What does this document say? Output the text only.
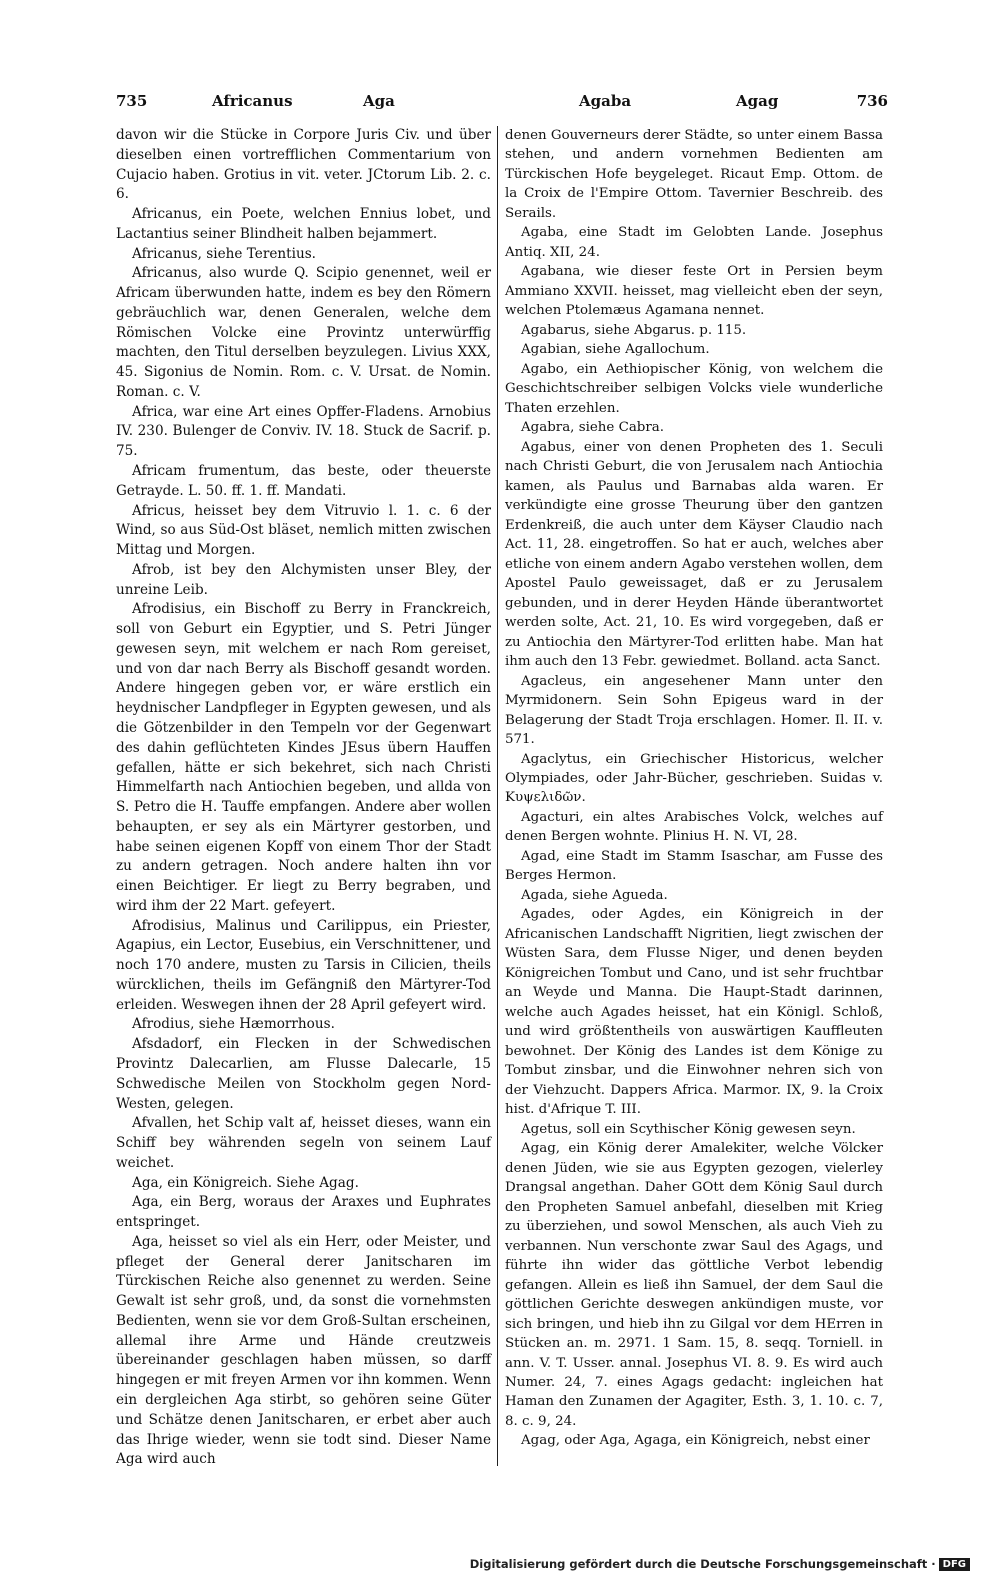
735	Africanus	Aga	Agaba	Agag	736

davon wir die Stücke in Corpore Juris Civ. und über dieselben einen vortrefflichen Commentarium von Cujacio haben. Grotius in vit. veter. JCtorum Lib. 2. c. 6.

Africanus, ein Poete, welchen Ennius lobet, und Lactantius seiner Blindheit halben bejammert.

Africanus, siehe Terentius.

Africanus, also wurde Q. Scipio genennet, weil er Africam überwunden hatte, indem es bey den Römern gebräuchlich war, denen Generalen, welche dem Römischen Volcke eine Provintz unterwürffig machten, den Titul derselben beyzulegen. Livius XXX, 45. Sigonius de Nomin. Rom. c. V. Ursat. de Nomin. Roman. c. V.

Africa, war eine Art eines Opffer-Fladens. Arnobius IV. 230. Bulenger de Conviv. IV. 18. Stuck de Sacrif. p. 75.

Africam frumentum, das beste, oder theuerste Getrayde. L. 50. ff. 1. ff. Mandati.

Africus, heisset bey dem Vitruvio l. 1. c. 6 der Wind, so aus Süd-Ost bläset, nemlich mitten zwischen Mittag und Morgen.

Afrob, ist bey den Alchymisten unser Bley, der unreine Leib.

Afrodisius, ein Bischoff zu Berry in Franckreich, soll von Geburt ein Egyptier, und S. Petri Jünger gewesen seyn, mit welchem er nach Rom gereiset, und von dar nach Berry als Bischoff gesandt worden. Andere hingegen geben vor, er wäre erstlich ein heydnischer Landpfleger in Egypten gewesen, und als die Götzenbilder in den Tempeln vor der Gegenwart des dahin geflüchteten Kindes JEsus übern Hauffen gefallen, hätte er sich bekehret, sich nach Christi Himmelfarth nach Antiochien begeben, und allda von S. Petro die H. Tauffe empfangen. Andere aber wollen behaupten, er sey als ein Märtyrer gestorben, und habe seinen eigenen Kopff von einem Thor der Stadt zu andern getragen. Noch andere halten ihn vor einen Beichtiger. Er liegt zu Berry begraben, und wird ihm der 22 Mart. gefeyert.

Afrodisius, Malinus und Carilippus, ein Priester, Agapius, ein Lector, Eusebius, ein Verschnittener, und noch 170 andere, musten zu Tarsis in Cilicien, theils würcklichen, theils im Gefängniß den Märtyrer-Tod erleiden. Weswegen ihnen der 28 April gefeyert wird.

Afrodius, siehe Hæmorrhous.

Afsdadorf, ein Flecken in der Schwedischen Provintz Dalecarlien, am Flusse Dalecarle, 15 Schwedische Meilen von Stockholm gegen Nord-Westen, gelegen.

Afvallen, het Schip valt af, heisset dieses, wann ein Schiff bey währenden segeln von seinem Lauf weichet.

Aga, ein Königreich. Siehe Agag.

Aga, ein Berg, woraus der Araxes und Euphrates entspringet.

Aga, heisset so viel als ein Herr, oder Meister, und pfleget der General derer Janitscharen im Türckischen Reiche also genennet zu werden. Seine Gewalt ist sehr groß, und, da sonst die vornehmsten Bedienten, wenn sie vor dem Groß-Sultan erscheinen, allemal ihre Arme und Hände creutzweis übereinander geschlagen haben müssen, so darff hingegen er mit freyen Armen vor ihn kommen. Wenn ein dergleichen Aga stirbt, so gehören seine Güter und Schätze denen Janitscharen, er erbet aber auch das Ihrige wieder, wenn sie todt sind. Dieser Name Aga wird auch

denen Gouverneurs derer Städte, so unter einem Bassa stehen, und andern vornehmen Bedienten am Türckischen Hofe beygeleget. Ricaut Emp. Ottom. de la Croix de l'Empire Ottom. Tavernier Beschreib. des Serails.

Agaba, eine Stadt im Gelobten Lande. Josephus Antiq. XII, 24.

Agabana, wie dieser feste Ort in Persien beym Ammiano XXVII. heisset, mag vielleicht eben der seyn, welchen Ptolemæus Agamana nennet.

Agabarus, siehe Abgarus. p. 115.

Agabian, siehe Agallochum.

Agabo, ein Aethiopischer König, von welchem die Geschichtschreiber selbigen Volcks viele wunderliche Thaten erzehlen.

Agabra, siehe Cabra.

Agabus, einer von denen Propheten des 1. Seculi nach Christi Geburt, die von Jerusalem nach Antiochia kamen, als Paulus und Barnabas alda waren. Er verkündigte eine grosse Theurung über den gantzen Erdenkreiß, die auch unter dem Käyser Claudio nach Act. 11, 28. eingetroffen. So hat er auch, welches aber etliche von einem andern Agabo verstehen wollen, dem Apostel Paulo geweissaget, daß er zu Jerusalem gebunden, und in derer Heyden Hände überantwortet werden solte, Act. 21, 10. Es wird vorgegeben, daß er zu Antiochia den Märtyrer-Tod erlitten habe. Man hat ihm auch den 13 Febr. gewiedmet. Bolland. acta Sanct.

Agacleus, ein angesehener Mann unter den Myrmidonern. Sein Sohn Epigeus ward in der Belagerung der Stadt Troja erschlagen. Homer. Il. II. v. 571.

Agaclytus, ein Griechischer Historicus, welcher Olympiades, oder Jahr-Bücher, geschrieben. Suidas v. Κυψελιδῶν.

Agacturi, ein altes Arabisches Volck, welches auf denen Bergen wohnte. Plinius H. N. VI, 28.

Agad, eine Stadt im Stamm Isaschar, am Fusse des Berges Hermon.

Agada, siehe Agueda.

Agades, oder Agdes, ein Königreich in der Africanischen Landschafft Nigritien, liegt zwischen der Wüsten Sara, dem Flusse Niger, und denen beyden Königreichen Tombut und Cano, und ist sehr fruchtbar an Weyde und Manna. Die Haupt-Stadt darinnen, welche auch Agades heisset, hat ein Königl. Schloß, und wird größtentheils von auswärtigen Kauffleuten bewohnet. Der König des Landes ist dem Könige zu Tombut zinsbar, und die Einwohner nehren sich von der Viehzucht. Dappers Africa. Marmor. IX, 9. la Croix hist. d'Afrique T. III.

Agetus, soll ein Scythischer König gewesen seyn.

Agag, ein König derer Amalekiter, welche Völcker denen Jüden, wie sie aus Egypten gezogen, vielerley Drangsal angethan. Daher GOtt dem König Saul durch den Propheten Samuel anbefahl, dieselben mit Krieg zu überziehen, und sowol Menschen, als auch Vieh zu verbannen. Nun verschonte zwar Saul des Agags, und führte ihn wider das göttliche Verbot lebendig gefangen. Allein es ließ ihn Samuel, der dem Saul die göttlichen Gerichte deswegen ankündigen muste, vor sich bringen, und hieb ihn zu Gilgal vor dem HErren in Stücken an. m. 2971. 1 Sam. 15, 8. seqq. Torniell. in ann. V. T. Usser. annal. Josephus VI. 8. 9. Es wird auch Numer. 24, 7. eines Agags gedacht: ingleichen hat Haman den Zunamen der Agagiter, Esth. 3, 1. 10. c. 7, 8. c. 9, 24.

Agag, oder Aga, Agaga, ein Königreich, nebst einer

Digitalisierung gefördert durch die Deutsche Forschungsgemeinschaft · DFG
